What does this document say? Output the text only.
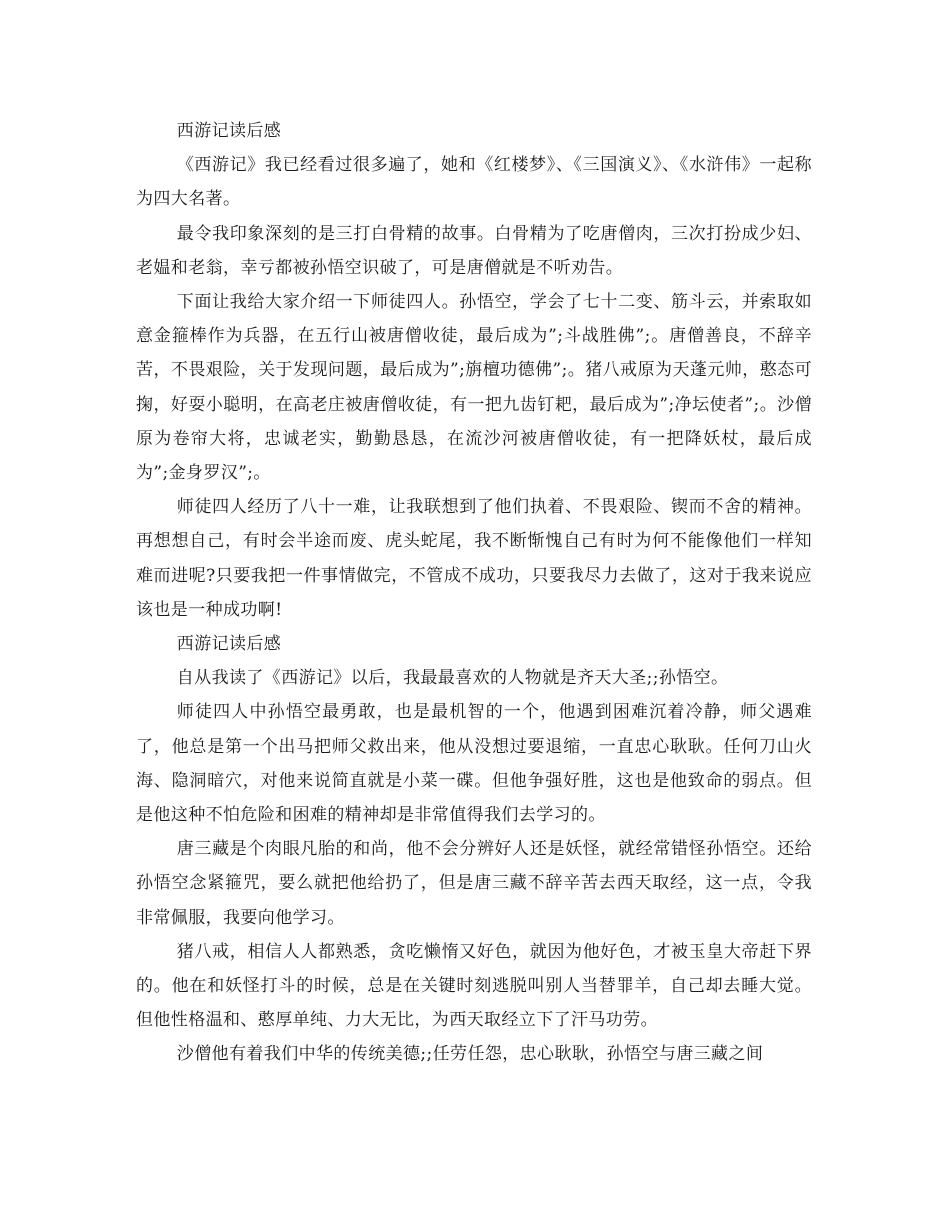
西游记读后感

《西游记》我已经看过很多遍了，她和《红楼梦》、《三国演义》、《水浒伟》一起称为四大名著。

最令我印象深刻的是三打白骨精的故事。白骨精为了吃唐僧肉，三次打扮成少妇、老媪和老翁，幸亏都被孙悟空识破了，可是唐僧就是不听劝告。

下面让我给大家介绍一下师徒四人。孙悟空，学会了七十二变、筋斗云，并索取如意金箍棒作为兵器，在五行山被唐僧收徒，最后成为”;斗战胜佛”;。唐僧善良，不辞辛苦，不畏艰险，关于发现问题，最后成为”;旃檀功德佛”;。猪八戒原为天蓬元帅，憨态可掬，好耍小聪明，在高老庄被唐僧收徒，有一把九齿钉耙，最后成为”;净坛使者”;。沙僧原为卷帘大将，忠诚老实，勤勤恳恳，在流沙河被唐僧收徒，有一把降妖杖，最后成为”;金身罗汉”;。

师徒四人经历了八十一难，让我联想到了他们执着、不畏艰险、锲而不舍的精神。再想想自己，有时会半途而废、虎头蛇尾，我不断惭愧自己有时为何不能像他们一样知难而进呢?只要我把一件事情做完，不管成不成功，只要我尽力去做了，这对于我来说应该也是一种成功啊!

西游记读后感

自从我读了《西游记》以后，我最最喜欢的人物就是齐天大圣;;孙悟空。

师徒四人中孙悟空最勇敢，也是最机智的一个，他遇到困难沉着冷静，师父遇难了，他总是第一个出马把师父救出来，他从没想过要退缩，一直忠心耿耿。任何刀山火海、隐洞暗穴，对他来说简直就是小菜一碟。但他争强好胜，这也是他致命的弱点。但是他这种不怕危险和困难的精神却是非常值得我们去学习的。

唐三藏是个肉眼凡胎的和尚，他不会分辨好人还是妖怪，就经常错怪孙悟空。还给孙悟空念紧箍咒，要么就把他给扔了，但是唐三藏不辞辛苦去西天取经，这一点，令我非常佩服，我要向他学习。

猪八戒，相信人人都熟悉，贪吃懒惰又好色，就因为他好色，才被玉皇大帝赶下界的。他在和妖怪打斗的时候，总是在关键时刻逃脱叫别人当替罪羊，自己却去睡大觉。但他性格温和、憨厚单纯、力大无比，为西天取经立下了汗马功劳。

沙僧他有着我们中华的传统美德;;任劳任怨，忠心耿耿，孙悟空与唐三藏之间
